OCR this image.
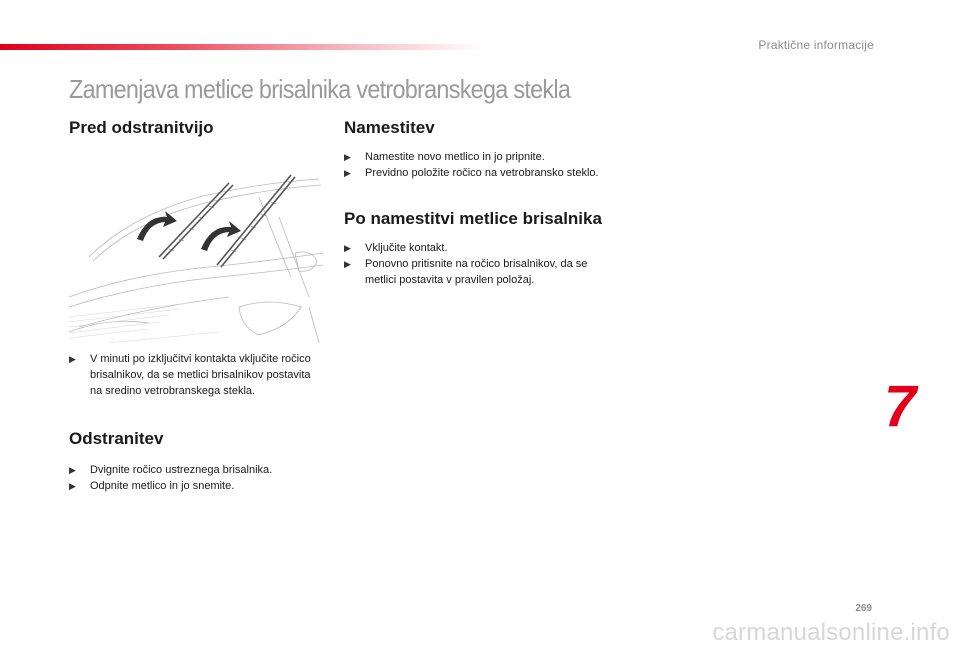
Praktične informacije
Zamenjava metlice brisalnika vetrobranskega stekla
Pred odstranitvijo
▶︎ V minuti po izključitvi kontakta vključite ročico brisalnikov, da se metlici brisalnikov postavita na sredino vetrobranskega stekla.
Odstranitev
▶︎ Dvignite ročico ustreznega brisalnika.
▶︎ Odpnite metlico in jo snemite.
Namestitev
▶︎ Namestite novo metlico in jo pripnite.
▶︎ Previdno položite ročico na vetrobransko steklo.
Po namestitvi metlice brisalnika
▶︎ Vključite kontakt.
▶︎ Ponovno pritisnite na ročico brisalnikov, da se metlici postavita v pravilen položaj.
7
269
carmanualsonline.info
